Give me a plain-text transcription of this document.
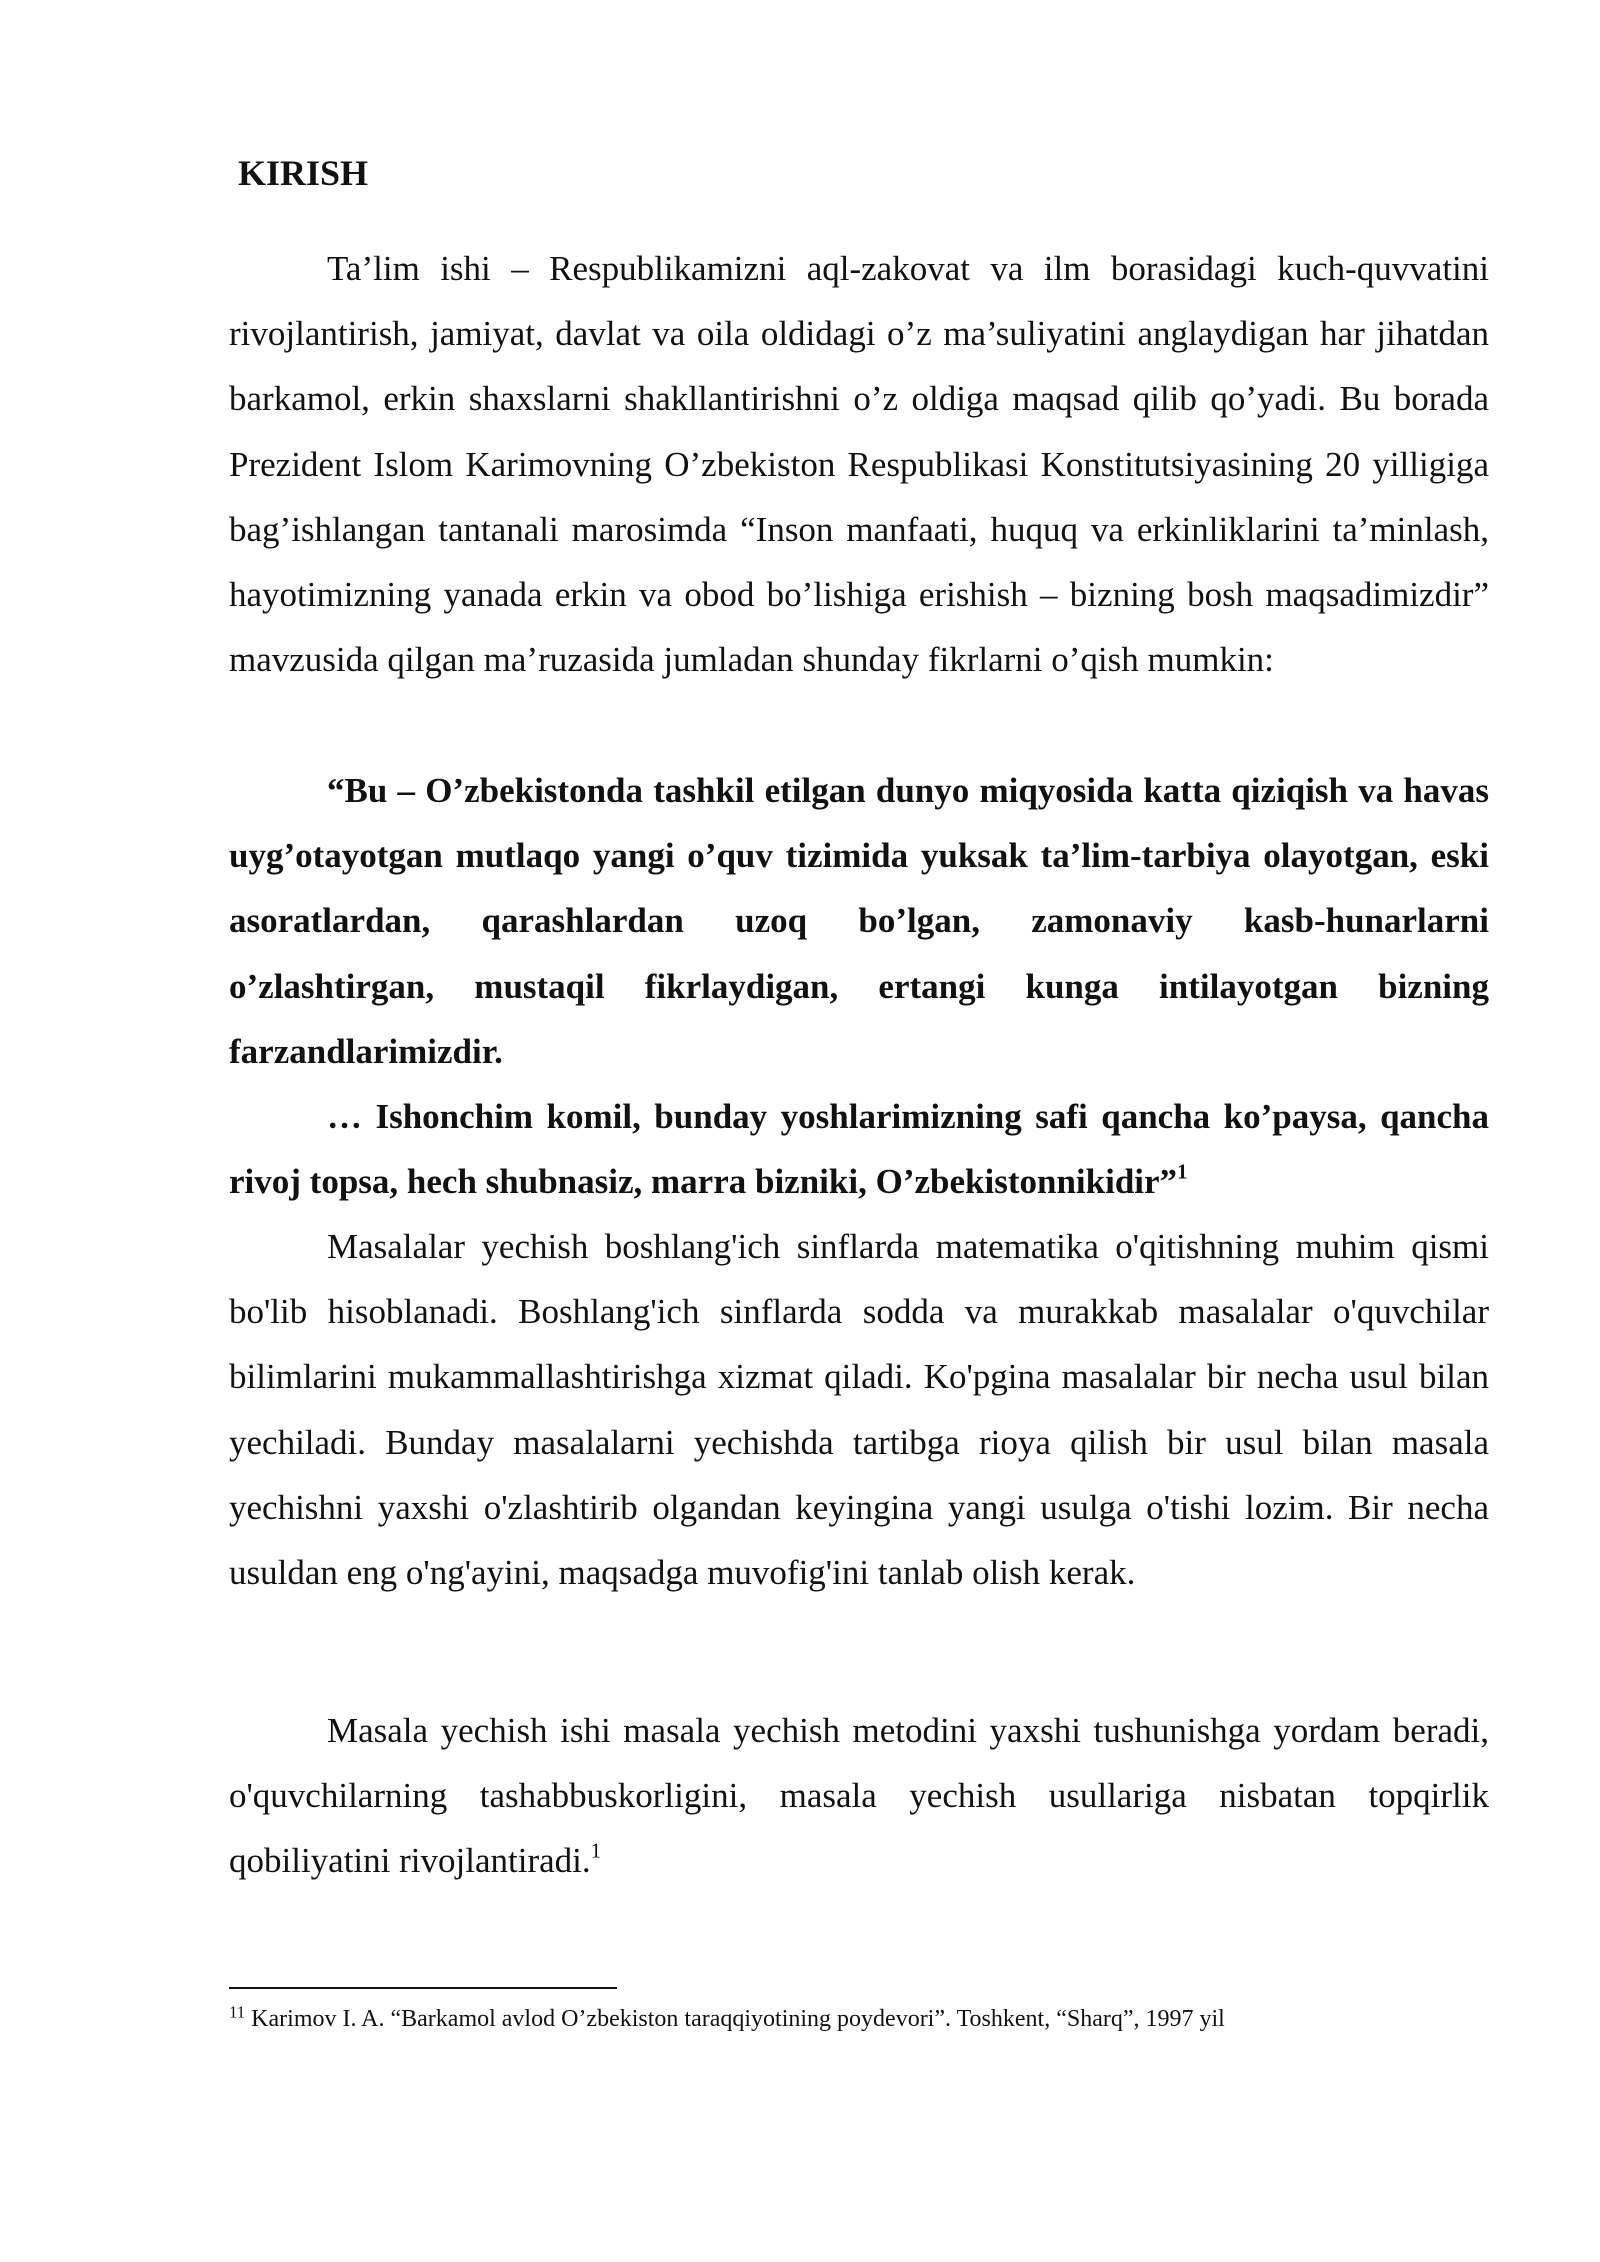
KIRISH

Ta’lim ishi – Respublikamizni aql-zakovat va ilm borasidagi kuch-quvvatini rivojlantirish, jamiyat, davlat va oila oldidagi o’z ma’suliyatini anglaydigan har jihatdan barkamol, erkin shaxslarni shakllantirishni o’z oldiga maqsad qilib qo’yadi. Bu borada Prezident Islom Karimovning O’zbekiston Respublikasi Konstitutsiyasining 20 yilligiga bag’ishlangan tantanali marosimda “Inson manfaati, huquq va erkinliklarini ta’minlash, hayotimizning yanada erkin va obod bo’lishiga erishish – bizning bosh maqsadimizdir” mavzusida qilgan ma’ruzasida jumladan shunday fikrlarni o’qish mumkin:

“Bu – O’zbekistonda tashkil etilgan dunyo miqyosida katta qiziqish va havas uyg’otayotgan mutlaqo yangi o’quv tizimida yuksak ta’lim-tarbiya olayotgan, eski asoratlardan, qarashlardan uzoq bo’lgan, zamonaviy kasb-hunarlarni o’zlashtirgan, mustaqil fikrlaydigan, ertangi kunga intilayotgan bizning farzandlarimizdir.

… Ishonchim komil, bunday yoshlarimizning safi qancha ko’paysa, qancha rivoj topsa, hech shubnasiz, marra bizniki, O’zbekistonnikidir”$^1$

Masalalar yechish boshlang'ich sinflarda matematika o'qitishning muhim qismi bo'lib hisoblanadi. Boshlang'ich sinflarda sodda va murakkab masalalar o'quvchilar bilimlarini mukammallashtirishga xizmat qiladi. Ko'pgina masalalar bir necha usul bilan yechiladi. Bunday masalalarni yechishda tartibga rioya qilish bir usul bilan masala yechishni yaxshi o'zlashtirib olgandan keyingina yangi usulga o'tishi lozim. Bir necha usuldan eng o'ng'ayini, maqsadga muvofig'ini tanlab olish kerak.

Masala yechish ishi masala yechish metodini yaxshi tushunishga yordam beradi, o'quvchilarning tashabbuskorligini, masala yechish usullariga nisbatan topqirlik qobiliyatini rivojlantiradi.$^1$

$^{11}$ Karimov I. A. “Barkamol avlod O’zbekiston taraqqiyotining poydevori”. Toshkent, “Sharq”, 1997 yil
